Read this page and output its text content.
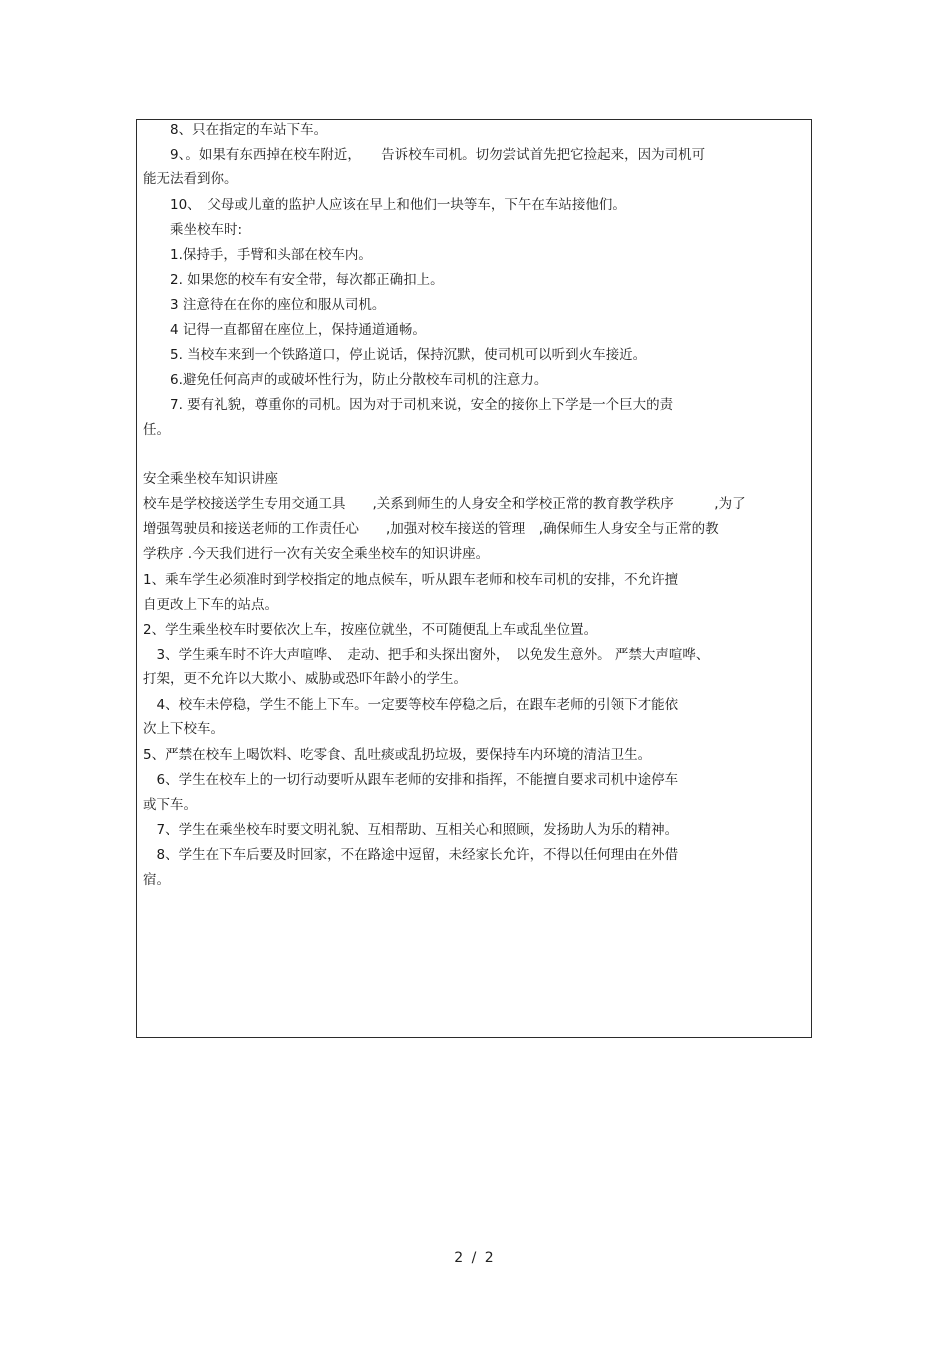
　　8、只在指定的车站下车。
　　9、。如果有东西掉在校车附近，　　告诉校车司机。切勿尝试首先把它捡起来，因为司机可
能无法看到你。
　　10、　父母或儿童的监护人应该在早上和他们一块等车，下午在车站接他们。
　　乘坐校车时:
　　1.保持手，手臂和头部在校车内。
　　2. 如果您的校车有安全带，每次都正确扣上。
　　3 注意待在在你的座位和服从司机。
　　4 记得一直都留在座位上，保持通道通畅。
　　5. 当校车来到一个铁路道口，停止说话，保持沉默，使司机可以听到火车接近。
　　6.避免任何高声的或破坏性行为，防止分散校车司机的注意力。
　　7. 要有礼貌，尊重你的司机。因为对于司机来说，安全的接你上下学是一个巨大的责
任。
安全乘坐校车知识讲座
校车是学校接送学生专用交通工具　　,关系到师生的人身安全和学校正常的教育教学秩序　　　,为了
增强驾驶员和接送老师的工作责任心　　,加强对校车接送的管理　,确保师生人身安全与正常的教
学秩序 .今天我们进行一次有关安全乘坐校车的知识讲座。
1、乘车学生必须准时到学校指定的地点候车，听从跟车老师和校车司机的安排，不允许擅
自更改上下车的站点。
2、学生乘坐校车时要依次上车，按座位就坐，不可随便乱上车或乱坐位置。
　3、学生乘车时不许大声喧哗、　走动、把手和头探出窗外，　以免发生意外。 严禁大声喧哗、
打架，更不允许以大欺小、威胁或恐吓年龄小的学生。
　4、校车未停稳，学生不能上下车。一定要等校车停稳之后，在跟车老师的引领下才能依
次上下校车。
5、严禁在校车上喝饮料、吃零食、乱吐痰或乱扔垃圾，要保持车内环境的清洁卫生。
　6、学生在校车上的一切行动要听从跟车老师的安排和指挥，不能擅自要求司机中途停车
或下车。
　7、学生在乘坐校车时要文明礼貌、互相帮助、互相关心和照顾，发扬助人为乐的精神。
　8、学生在下车后要及时回家，不在路途中逗留，未经家长允许，不得以任何理由在外借
宿。
2 / 2
